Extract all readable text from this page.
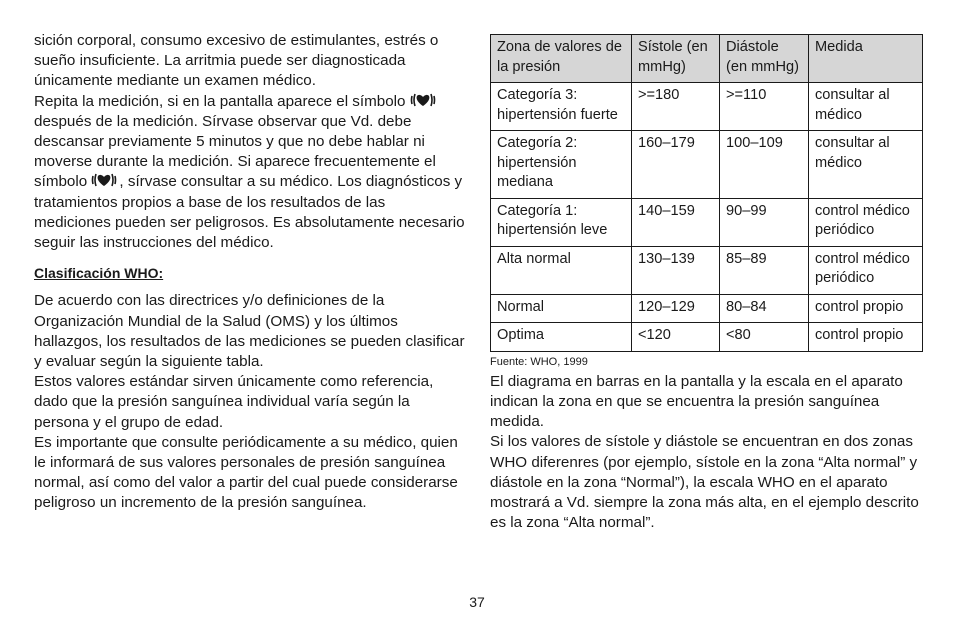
sición corporal, consumo excesivo de estimulantes, estrés o sueño insuficiente. La arritmia puede ser diagnosticada únicamente mediante un examen médico.

Repita la medición, si en la pantalla aparece el símbolo
después de la medición. Sírvase observar que Vd. debe descansar previamente 5 minutos y que no debe hablar ni moverse durante la medición. Si aparece frecuentemente el símbolo , sírvase consultar a su médico. Los diagnósticos y tratamientos propios a base de los resultados de las mediciones pueden ser peligrosos. Es absolutamente necesario seguir las instrucciones del médico.

Clasificación WHO:

De acuerdo con las directrices y/o definiciones de la Organización Mundial de la Salud (OMS) y los últimos hallazgos, los resultados de las mediciones se pueden clasificar y evaluar según la siguiente tabla.

Estos valores estándar sirven únicamente como referencia, dado que la presión sanguínea individual varía según la persona y el grupo de edad.

Es importante que consulte periódicamente a su médico, quien le informará de sus valores personales de presión sanguínea normal, así como del valor a partir del cual puede considerarse peligroso un incremento de la presión sanguínea.

Zona de valores de la presión	Sístole (en mmHg)	Diástole (en mmHg)	Medida
Categoría 3: hipertensión fuerte	>=180	>=110	consultar al médico
Categoría 2: hipertensión mediana	160–179	100–109	consultar al médico
Categoría 1: hipertensión leve	140–159	90–99	control médico periódico
Alta normal	130–139	85–89	control médico periódico
Normal	120–129	80–84	control propio
Optima	<120	<80	control propio

Fuente: WHO, 1999

El diagrama en barras en la pantalla y la escala en el aparato indican la zona en que se encuentra la presión sanguínea medida.

Si los valores de sístole y diástole se encuentran en dos zonas WHO diferenres (por ejemplo, sístole en la zona “Alta normal” y diástole en la zona “Normal”), la escala WHO en el aparato mostrará a Vd. siempre la zona más alta, en el ejemplo descrito es la zona “Alta normal”.

37
